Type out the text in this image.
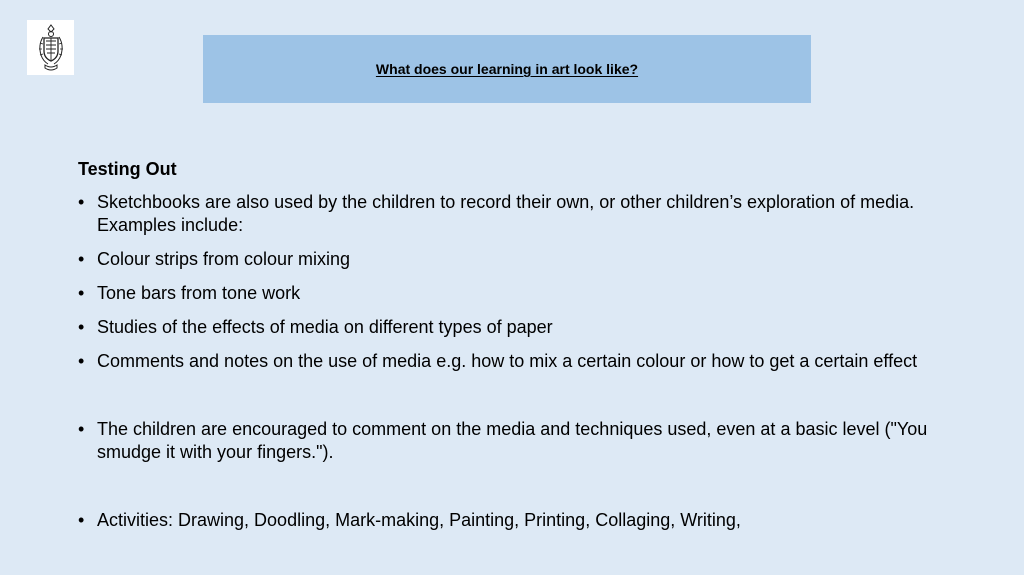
What does our learning in art look like?
Testing Out
• Sketchbooks are also used by the children to record their own, or other children’s exploration of media. Examples include:
• Colour strips from colour mixing
• Tone bars from tone work
• Studies of the effects of media on different types of paper
• Comments and notes on the use of media e.g. how to mix a certain colour or how to get a certain effect
• The children are encouraged to comment on the media and techniques used, even at a basic level ("You smudge it with your fingers.").
• Activities: Drawing, Doodling, Mark-making, Painting, Printing, Collaging, Writing,
